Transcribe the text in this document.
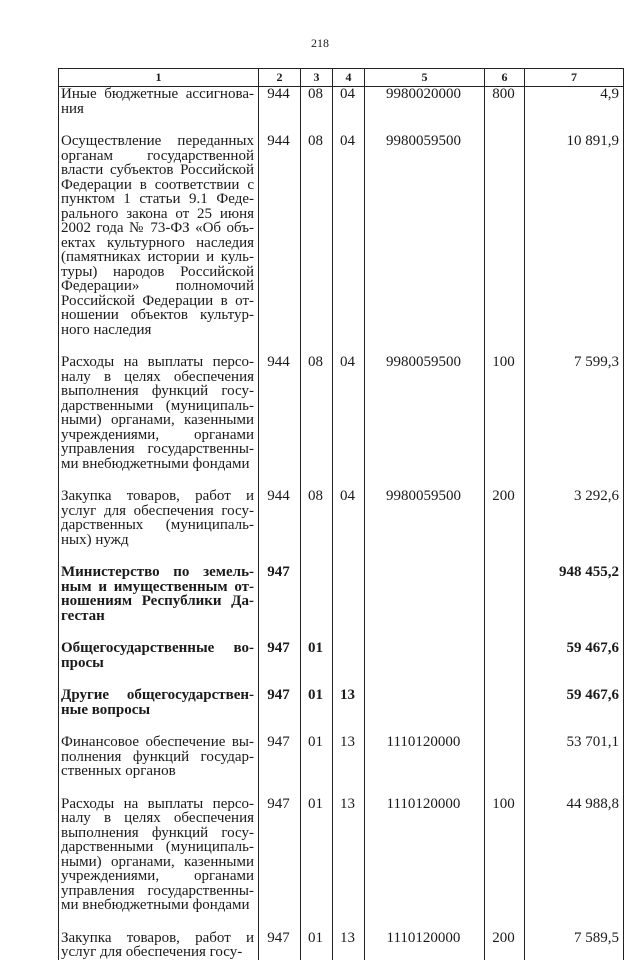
218
1	2	3	4	5	6	7
Иные бюджетные ассигнова-ния	944	08	04	9980020000	800	4,9
Осуществление переданных органам государственной власти субъектов Российской Федерации в соответствии с пунктом 1 статьи 9.1 Феде-рального закона от 25 июня 2002 года № 73-ФЗ «Об объ-ектах культурного наследия (памятниках истории и куль-туры) народов Российской Федерации» полномочий Российской Федерации в от-ношении объектов культур-ного наследия	944	08	04	9980059500		10 891,9
Расходы на выплаты персо-налу в целях обеспечения выполнения функций госу-дарственными (муниципаль-ными) органами, казенными учреждениями, органами управления государственны-ми внебюджетными фондами	944	08	04	9980059500	100	7 599,3
Закупка товаров, работ и услуг для обеспечения госу-дарственных (муниципаль-ных) нужд	944	08	04	9980059500	200	3 292,6
Министерство по земель-ным и имущественным от-ношениям Республики Да-гестан	947					948 455,2
Общегосударственные во-просы	947	01				59 467,6
Другие общегосударствен-ные вопросы	947	01	13			59 467,6
Финансовое обеспечение вы-полнения функций государ-ственных органов	947	01	13	1110120000		53 701,1
Расходы на выплаты персо-налу в целях обеспечения выполнения функций госу-дарственными (муниципаль-ными) органами, казенными учреждениями, органами управления государственны-ми внебюджетными фондами	947	01	13	1110120000	100	44 988,8
Закупка товаров, работ и услуг для обеспечения госу-	947	01	13	1110120000	200	7 589,5
